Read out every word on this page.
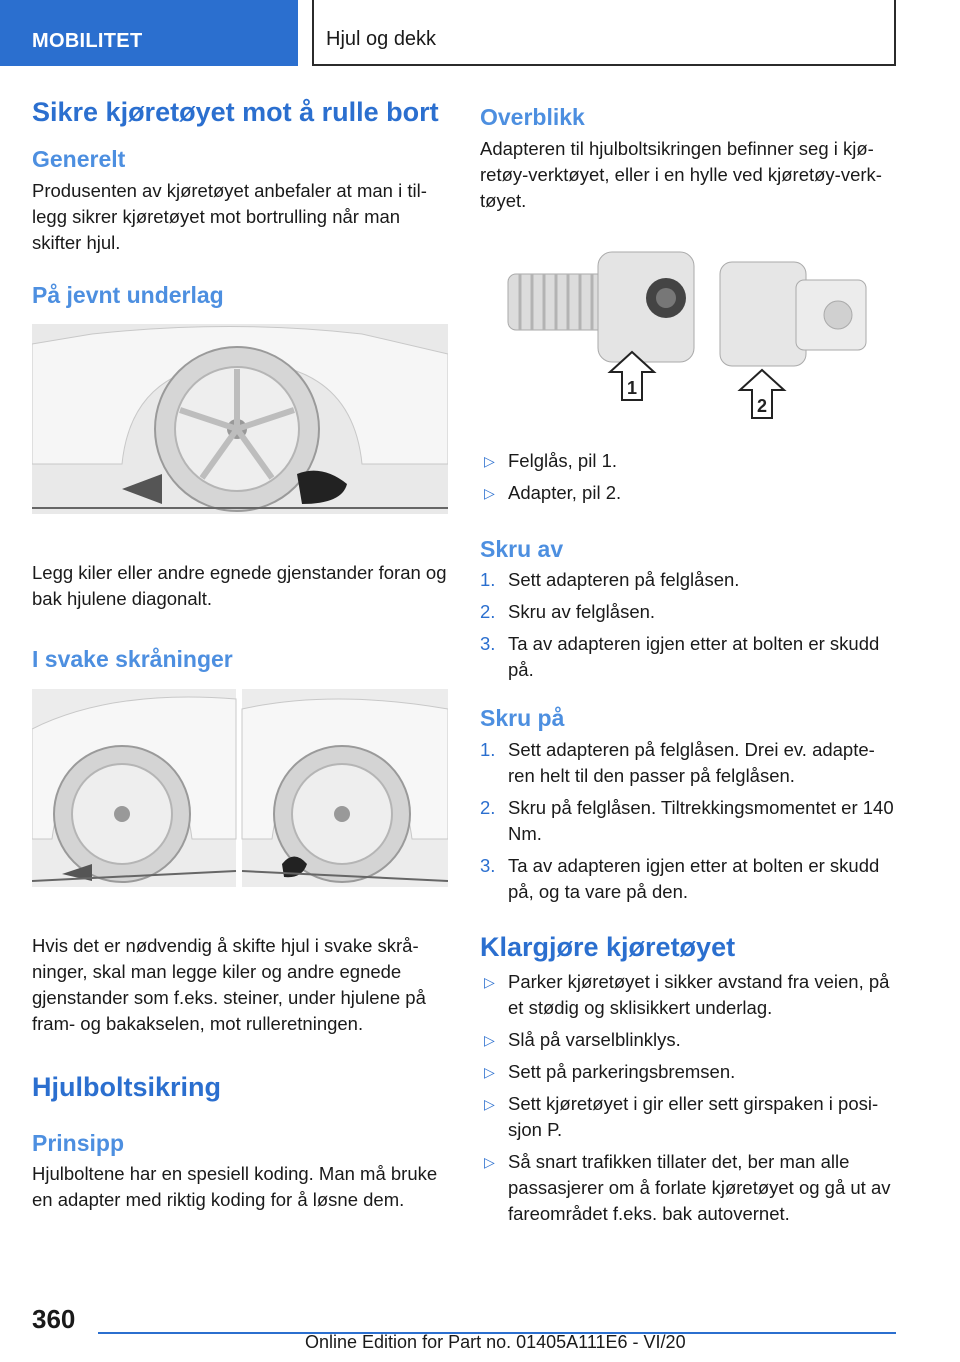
MOBILITET	Hjul og dekk
Sikre kjøretøyet mot å rulle bort
Generelt

Produsenten av kjøretøyet anbefaler at man i til-legg sikrer kjøretøyet mot bortrulling når man skifter hjul.

På jevnt underlag

Legg kiler eller andre egnede gjenstander foran og bak hjulene diagonalt.

I svake skråninger

Hvis det er nødvendig å skifte hjul i svake skrå-ninger, skal man legge kiler og andre egnede gjenstander som f.eks. steiner, under hjulene på fram- og bakakselen, mot rulleretningen.

Hjulboltsikring
Prinsipp

Hjulboltene har en spesiell koding. Man må bruke en adapter med riktig koding for å løsne dem.

Overblikk

Adapteren til hjulboltsikringen befinner seg i kjø-retøy-verktøyet, eller i en hylle ved kjøretøy-verk-tøyet.

1
2
▷ Felglås, pil 1.
▷ Adapter, pil 2.
Skru av
1. Sett adapteren på felglåsen.
2. Skru av felglåsen.
3. Ta av adapteren igjen etter at bolten er skudd på.
Skru på
1. Sett adapteren på felglåsen. Drei ev. adapte-ren helt til den passer på felglåsen.
2. Skru på felglåsen. Tiltrekkingsmomentet er 140 Nm.
3. Ta av adapteren igjen etter at bolten er skudd på, og ta vare på den.
Klargjøre kjøretøyet
▷ Parker kjøretøyet i sikker avstand fra veien, på et stødig og sklisikkert underlag.
▷ Slå på varselblinklys.
▷ Sett på parkeringsbremsen.
▷ Sett kjøretøyet i gir eller sett girspaken i posi-sjon P.
▷ Så snart trafikken tillater det, ber man alle passasjerer om å forlate kjøretøyet og gå ut av fareområdet f.eks. bak autovernet.
360
Online Edition for Part no. 01405A111E6 - VI/20
